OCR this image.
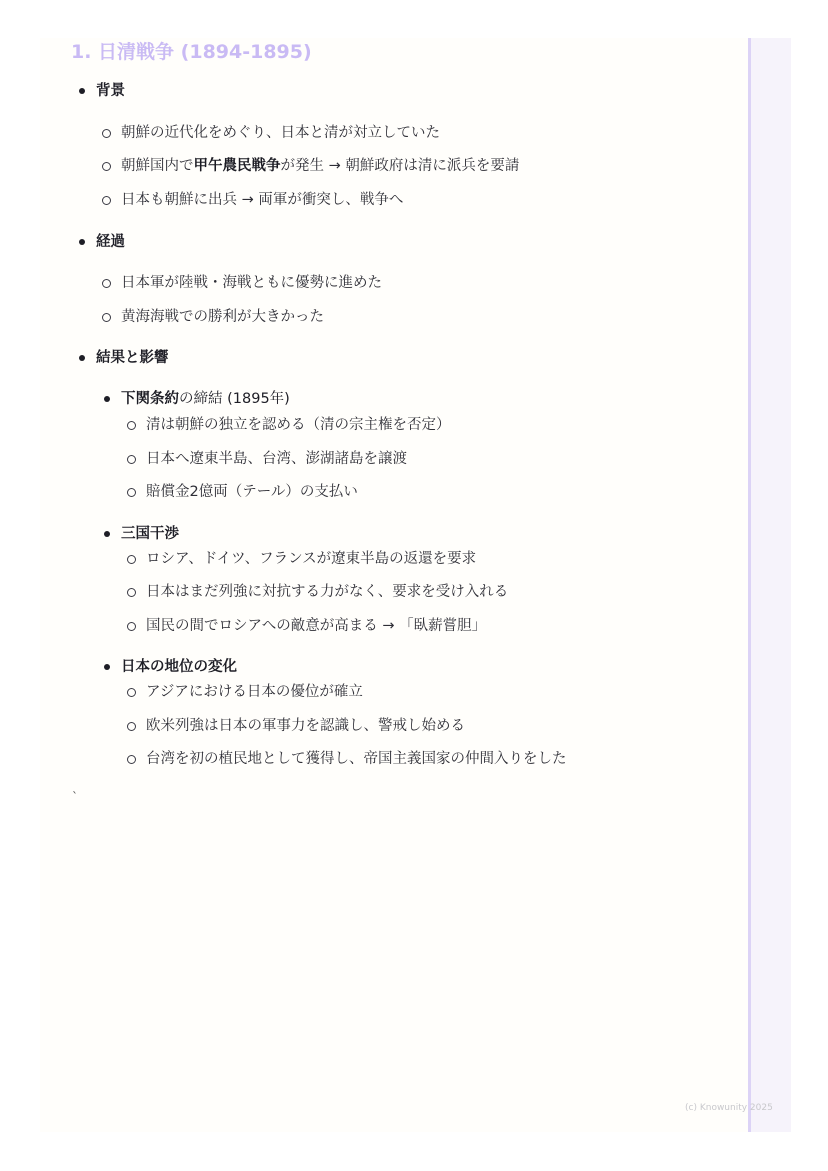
1. 日清戦争 (1894-1895)
背景
朝鮮の近代化をめぐり、日本と清が対立していた
朝鮮国内で甲午農民戦争が発生 → 朝鮮政府は清に派兵を要請
日本も朝鮮に出兵 → 両軍が衝突し、戦争へ
経過
日本軍が陸戦・海戦ともに優勢に進めた
黄海海戦での勝利が大きかった
結果と影響
下関条約の締結 (1895年)
清は朝鮮の独立を認める（清の宗主権を否定）
日本へ遼東半島、台湾、澎湖諸島を譲渡
賠償金2億両（テール）の支払い
三国干渉
ロシア、ドイツ、フランスが遼東半島の返還を要求
日本はまだ列強に対抗する力がなく、要求を受け入れる
国民の間でロシアへの敵意が高まる → 「臥薪嘗胆」
日本の地位の変化
アジアにおける日本の優位が確立
欧米列強は日本の軍事力を認識し、警戒し始める
台湾を初の植民地として獲得し、帝国主義国家の仲間入りをした
`
(c) Knowunity 2025
